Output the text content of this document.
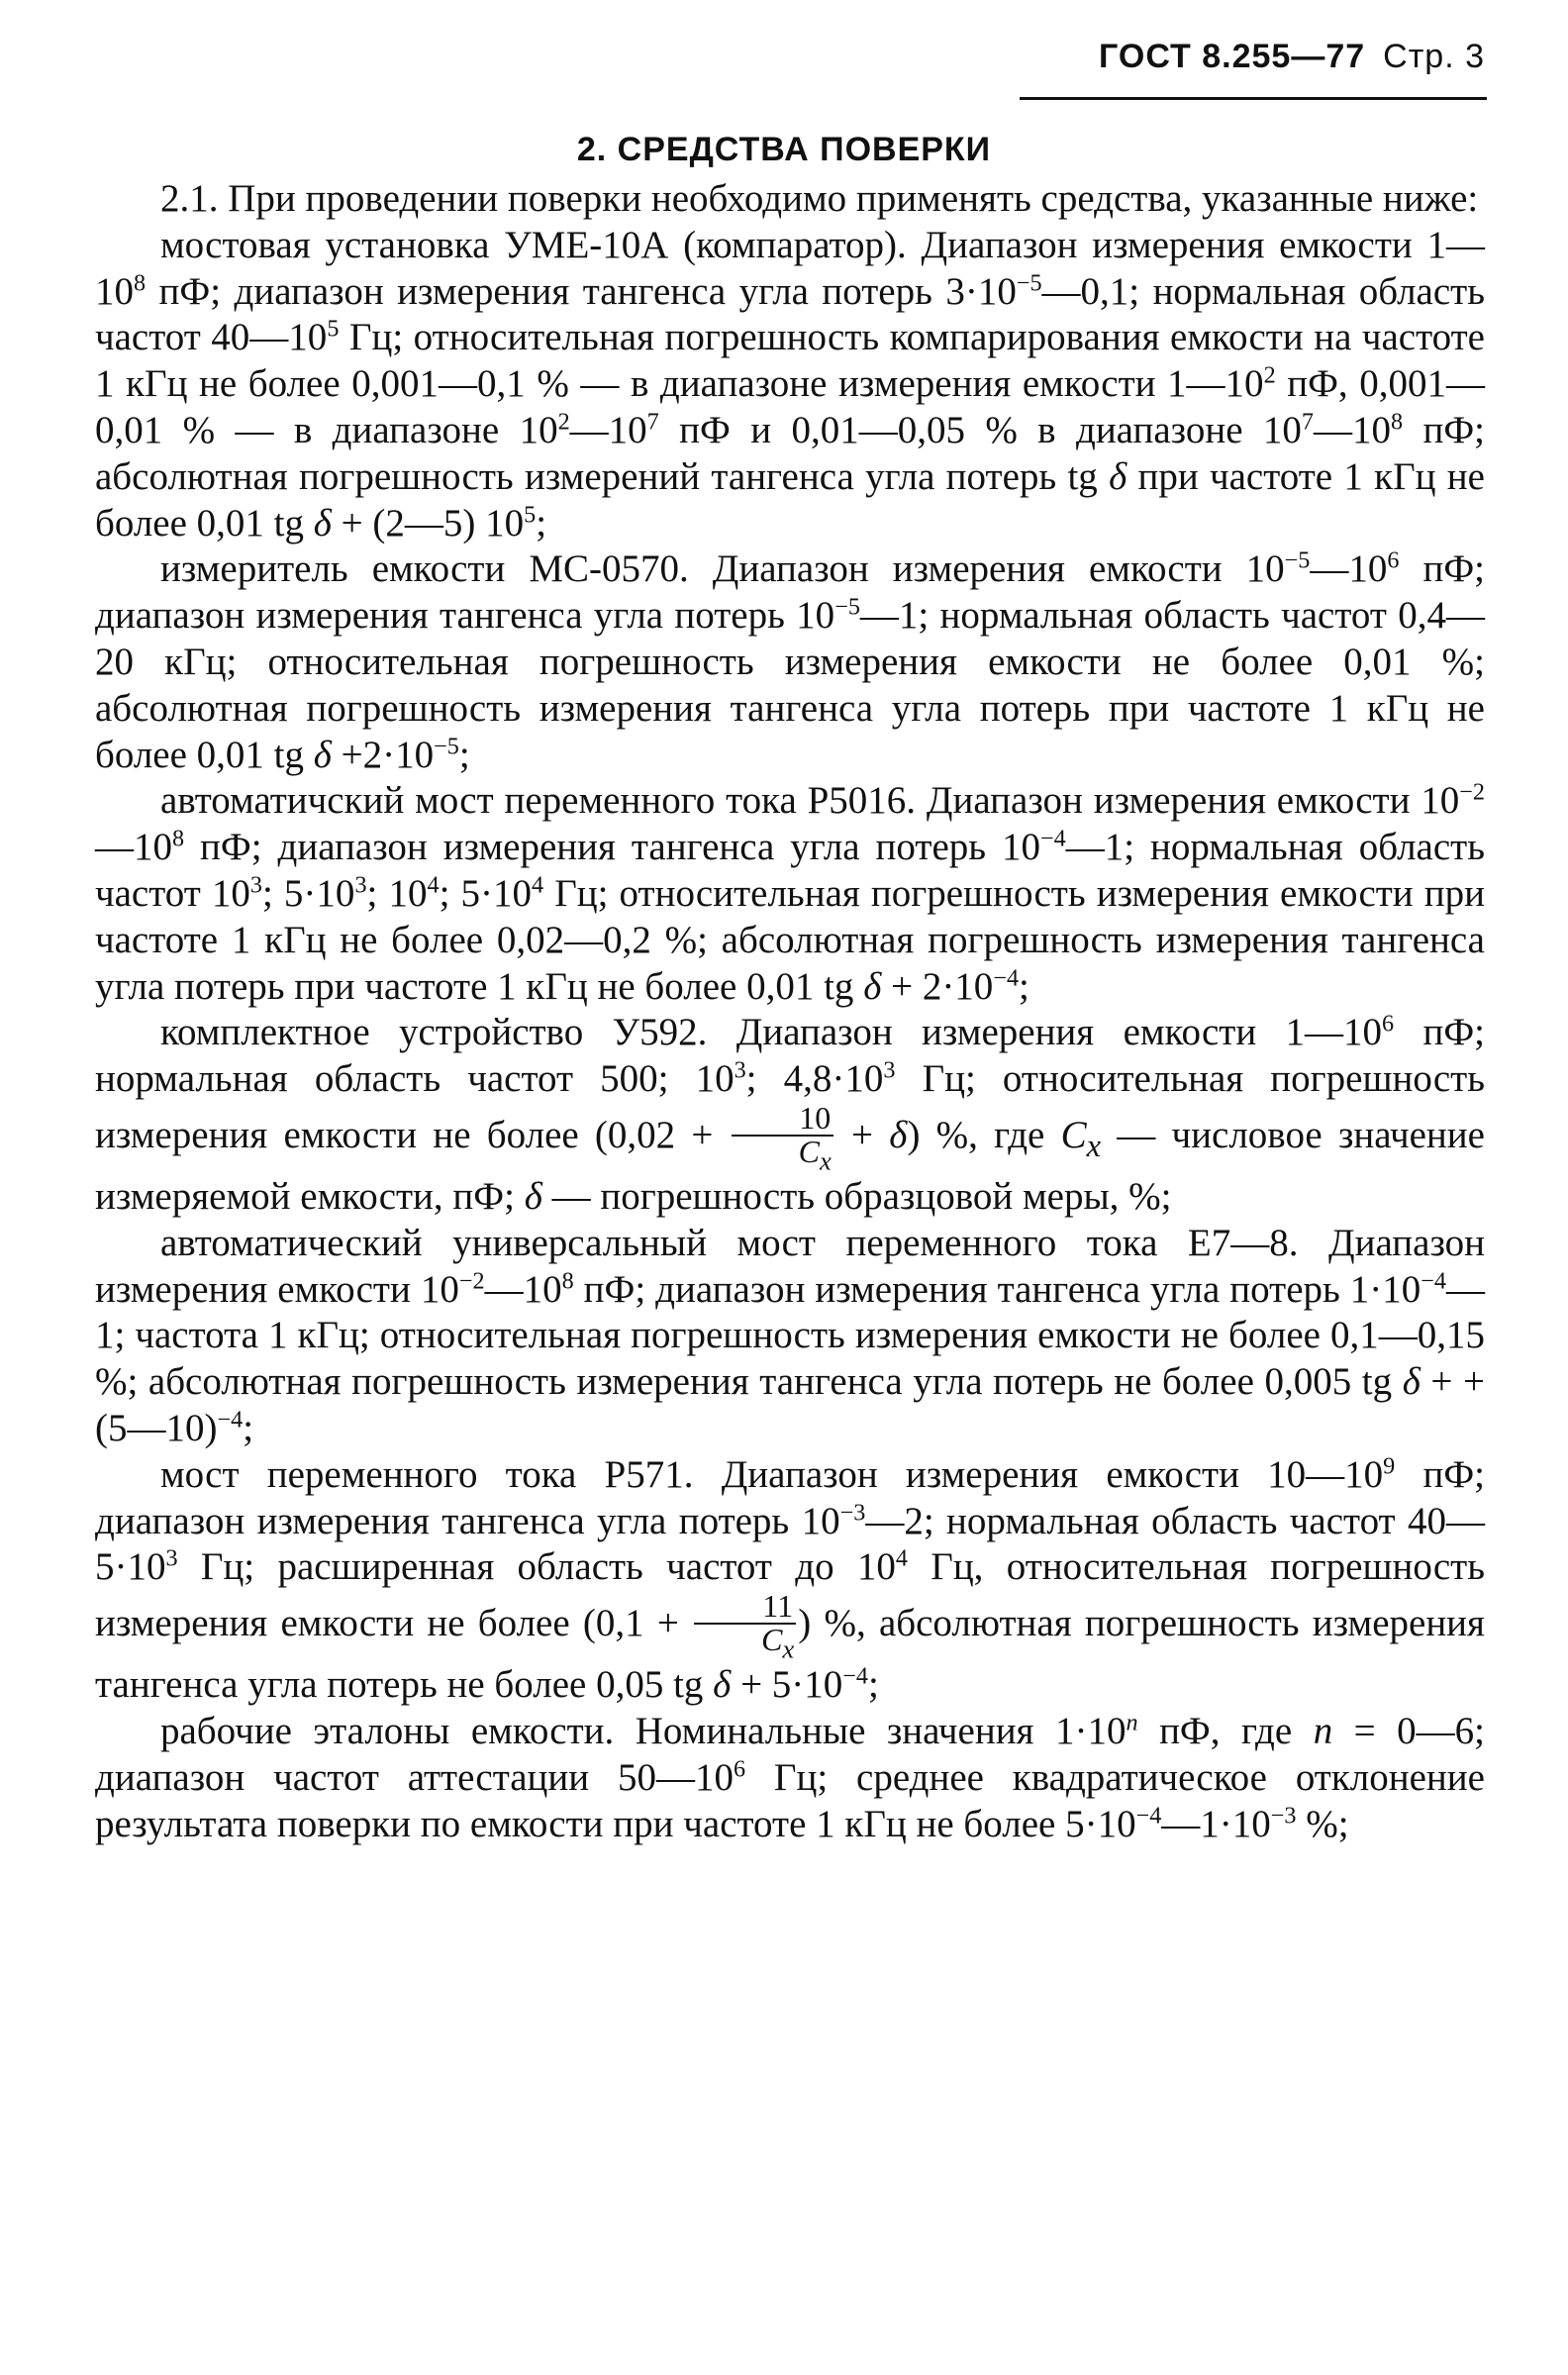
ГОСТ 8.255—77 Стр. 3
2. СРЕДСТВА ПОВЕРКИ

2.1. При проведении поверки необходимо применять средства, указанные ниже:

мостовая установка УМЕ-10А (компаратор). Диапазон измерения емкости $1—10^8$ пФ; диапазон измерения тангенса угла потерь $3\cdot 10^{-5}—0,1$; нормальная область частот $40—10^5$ Гц; относительная погрешность компарирования емкости на частоте 1 кГц не более 0,001—0,1 % — в диапазоне измерения емкости $1—10^2$ пФ, 0,001—0,01 % — в диапазоне $10^2—10^7$ пФ и 0,01—0,05 % в диапазоне $10^7—10^8$ пФ; абсолютная погрешность измерений тангенса угла потерь tg δ при частоте 1 кГц не более 0,01 tg δ + (2—5) $10^5$;

измеритель емкости МС-0570. Диапазон измерения емкости $10^{-5}—10^6$ пФ; диапазон измерения тангенса угла потерь $10^{-5}—1$; нормальная область частот 0,4—20 кГц; относительная погрешность измерения емкости не более 0,01 %; абсолютная погрешность измерения тангенса угла потерь при частоте 1 кГц не более 0,01 tg $\delta +2\cdot 10^{-5}$;

автоматичский мост переменного тока Р5016. Диапазон измерения емкости $10^{-2}—10^8$ пФ; диапазон измерения тангенса угла потерь $10^{-4}—1$; нормальная область частот $10^3$; $5\cdot 10^3$; $10^4$; $5\cdot 10^4$ Гц; относительная погрешность измерения емкости при частоте 1 кГц не более 0,02—0,2 %; абсолютная погрешность измерения тангенса угла потерь при частоте 1 кГц не более 0,01 tg $\delta + 2\cdot 10^{-4}$;

комплектное устройство У592. Диапазон измерения емкости $1—10^6$ пФ; нормальная область частот 500; $10^3$; $4,8\cdot 10^3$ Гц; относительная погрешность измерения емкости не более $(0,02 + \frac{10}{C_x} + \delta)$ %, где $C_x$ — числовое значение измеряемой емкости, пФ; δ — погрешность образцовой меры, %;

автоматический универсальный мост переменного тока Е7—8. Диапазон измерения емкости $10^{-2}—10^8$ пФ; диапазон измерения тангенса угла потерь $1\cdot 10^{-4}—1$; частота 1 кГц; относительная погрешность измерения емкости не более 0,1—0,15 %; абсолютная погрешность измерения тангенса угла потерь не более 0,005 tg δ + + (5—10)$^{-4}$;

мост переменного тока Р571. Диапазон измерения емкости $10—10^9$ пФ; диапазон измерения тангенса угла потерь $10^{-3}—2$; нормальная область частот $40—5\cdot 10^3$ Гц; расширенная область частот до $10^4$ Гц, относительная погрешность измерения емкости не более ($0,1 + \frac{11}{C_x}$ ) %, абсолютная погрешность измерения тангенса угла потерь не более 0,05 tg $\delta + 5\cdot 10^{-4}$;

рабочие эталоны емкости. Номинальные значения $1\cdot 10^n$ пФ, где n = 0—6; диапазон частот аттестации $50—10^6$ Гц; среднее квадратическое отклонение результата поверки по емкости при частоте 1 кГц не более $5\cdot 10^{-4}—1\cdot 10^{-3}$ %;
